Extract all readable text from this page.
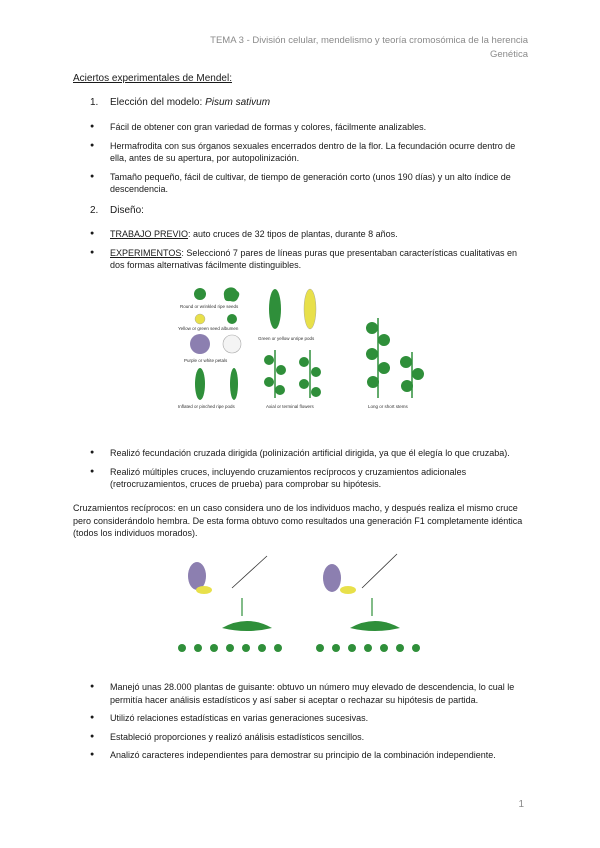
TEMA 3 - División celular, mendelismo y teoría cromosómica de la herencia
Genética
Aciertos experimentales de Mendel:
1. Elección del modelo: Pisum sativum
● Fácil de obtener con gran variedad de formas y colores, fácilmente analizables.
● Hermafrodita con sus órganos sexuales encerrados dentro de la flor. La fecundación ocurre dentro de ella, antes de su apertura, por autopolinización.
● Tamaño pequeño, fácil de cultivar, de tiempo de generación corto (unos 190 días) y un alto índice de descendencia.
2. Diseño:
● TRABAJO PREVIO: auto cruces de 32 tipos de plantas, durante 8 años.
● EXPERIMENTOS: Seleccionó 7 pares de líneas puras que presentaban características cualitativas en dos formas alternativas fácilmente distinguibles.
Round or wrinkled ripe seeds
Yellow or green seed albumen
Purple or white petals
Inflated or pinched ripe pods
Green or yellow unripe pods
Axial or terminal flowers	Long or short stems
● Realizó fecundación cruzada dirigida (polinización artificial dirigida, ya que él elegía lo que cruzaba).
● Realizó múltiples cruces, incluyendo cruzamientos recíprocos y cruzamientos adicionales (retrocruzamientos, cruces de prueba) para comprobar su hipótesis.
Cruzamientos recíprocos: en un caso considera uno de los individuos macho, y después realiza el mismo cruce pero considerándolo hembra. De esta forma obtuvo como resultados una generación F1 completamente idéntica (todos los individuos morados).
● Manejó unas 28.000 plantas de guisante: obtuvo un número muy elevado de descendencia, lo cual le permitía hacer análisis estadísticos y así saber si aceptar o rechazar su hipótesis de partida.
● Utilizó relaciones estadísticas en varias generaciones sucesivas.
● Estableció proporciones y realizó análisis estadísticos sencillos.
● Analizó caracteres independientes para demostrar su principio de la combinación independiente.
1
